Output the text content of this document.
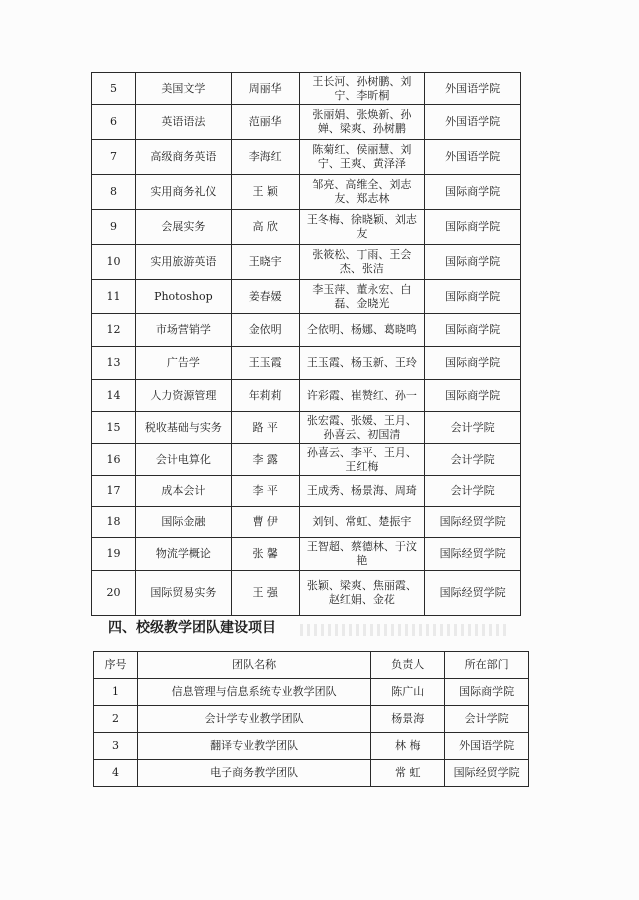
5	美国文学	周丽华	王长河、孙树鹏、刘宁、李昕桐	外国语学院
6	英语语法	范丽华	张丽娟、张焕新、孙婵、梁爽、孙树鹏	外国语学院
7	高级商务英语	李海红	陈菊红、侯丽慧、刘宁、王爽、黄泽泽	外国语学院
8	实用商务礼仪	王 颖	邹亮、高维全、刘志友、郑志林	国际商学院
9	会展实务	高 欣	王冬梅、徐晓颖、刘志友	国际商学院
10	实用旅游英语	王晓宇	张筱松、丁雨、王会杰、张洁	国际商学院
11	Photoshop	姜春媛	李玉萍、董永宏、白磊、金晓光	国际商学院
12	市场营销学	金依明	仝依明、杨娜、葛晓鸣	国际商学院
13	广告学	王玉霞	王玉霞、杨玉新、王玲	国际商学院
14	人力资源管理	年莉莉	许彩霞、崔赞红、孙一	国际商学院
15	税收基础与实务	路 平	张宏霞、张媛、王月、孙喜云、初国清	会计学院
16	会计电算化	李 露	孙喜云、李平、王月、王红梅	会计学院
17	成本会计	李 平	王成秀、杨景海、周琦	会计学院
18	国际金融	曹 伊	刘钊、常虹、楚振宇	国际经贸学院
19	物流学概论	张 馨	王智超、蔡德林、于汶艳	国际经贸学院
20	国际贸易实务	王 强	张颖、梁爽、焦丽霞、赵红娟、金花	国际经贸学院
四、校级教学团队建设项目
序号	团队名称	负责人	所在部门
1	信息管理与信息系统专业教学团队	陈广山	国际商学院
2	会计学专业教学团队	杨景海	会计学院
3	翻译专业教学团队	林 梅	外国语学院
4	电子商务教学团队	常 虹	国际经贸学院
